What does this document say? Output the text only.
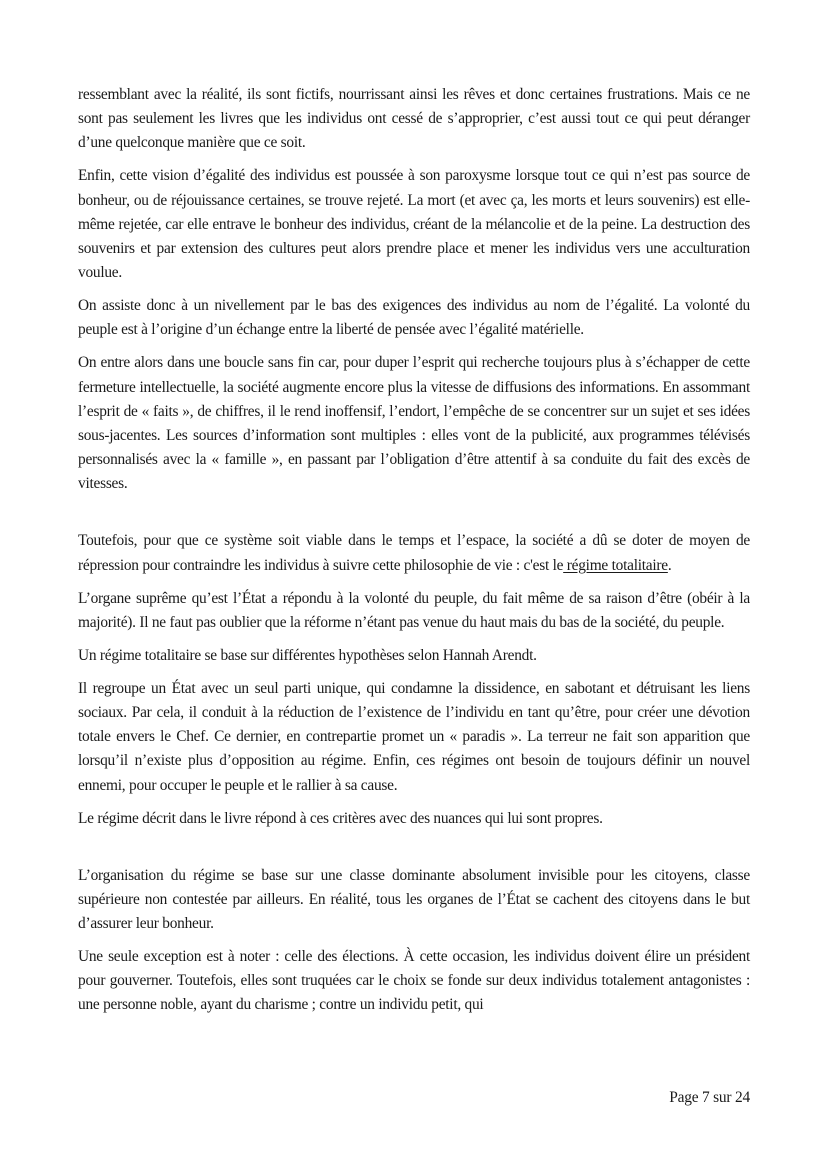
ressemblant avec la réalité, ils sont fictifs, nourrissant ainsi les rêves et donc certaines frustrations. Mais ce ne sont pas seulement les livres que les individus ont cessé de s’approprier, c’est aussi tout ce qui peut déranger d’une quelconque manière que ce soit.

Enfin, cette vision d’égalité des individus est poussée à son paroxysme lorsque tout ce qui n’est pas source de bonheur, ou de réjouissance certaines, se trouve rejeté. La mort (et avec ça, les morts et leurs souvenirs) est elle-même rejetée, car elle entrave le bonheur des individus, créant de la mélancolie et de la peine. La destruction des souvenirs et par extension des cultures peut alors prendre place et mener les individus vers une acculturation voulue.

On assiste donc à un nivellement par le bas des exigences des individus au nom de l’égalité. La volonté du peuple est à l’origine d’un échange entre la liberté de pensée avec l’égalité matérielle.

On entre alors dans une boucle sans fin car, pour duper l’esprit qui recherche toujours plus à s’échapper de cette fermeture intellectuelle, la société augmente encore plus la vitesse de diffusions des informations. En assommant l’esprit de « faits », de chiffres, il le rend inoffensif, l’endort, l’empêche de se concentrer sur un sujet et ses idées sous-jacentes. Les sources d’information sont multiples : elles vont de la publicité, aux programmes télévisés personnalisés avec la « famille », en passant par l’obligation d’être attentif à sa conduite du fait des excès de vitesses.

Toutefois, pour que ce système soit viable dans le temps et l’espace, la société a dû se doter de moyen de répression pour contraindre les individus à suivre cette philosophie de vie : c'est le régime totalitaire.

L’organe suprême qu’est l’État a répondu à la volonté du peuple, du fait même de sa raison d’être (obéir à la majorité). Il ne faut pas oublier que la réforme n’étant pas venue du haut mais du bas de la société, du peuple.

Un régime totalitaire se base sur différentes hypothèses selon Hannah Arendt.

Il regroupe un État avec un seul parti unique, qui condamne la dissidence, en sabotant et détruisant les liens sociaux. Par cela, il conduit à la réduction de l’existence de l’individu en tant qu’être, pour créer une dévotion totale envers le Chef. Ce dernier, en contrepartie promet un « paradis ». La terreur ne fait son apparition que lorsqu’il n’existe plus d’opposition au régime. Enfin, ces régimes ont besoin de toujours définir un nouvel ennemi, pour occuper le peuple et le rallier à sa cause.

Le régime décrit dans le livre répond à ces critères avec des nuances qui lui sont propres.

L’organisation du régime se base sur une classe dominante absolument invisible pour les citoyens, classe supérieure non contestée par ailleurs. En réalité, tous les organes de l’État se cachent des citoyens dans le but d’assurer leur bonheur.

Une seule exception est à noter : celle des élections. À cette occasion, les individus doivent élire un président pour gouverner. Toutefois, elles sont truquées car le choix se fonde sur deux individus totalement antagonistes : une personne noble, ayant du charisme ; contre un individu petit, qui

Page 7 sur 24
